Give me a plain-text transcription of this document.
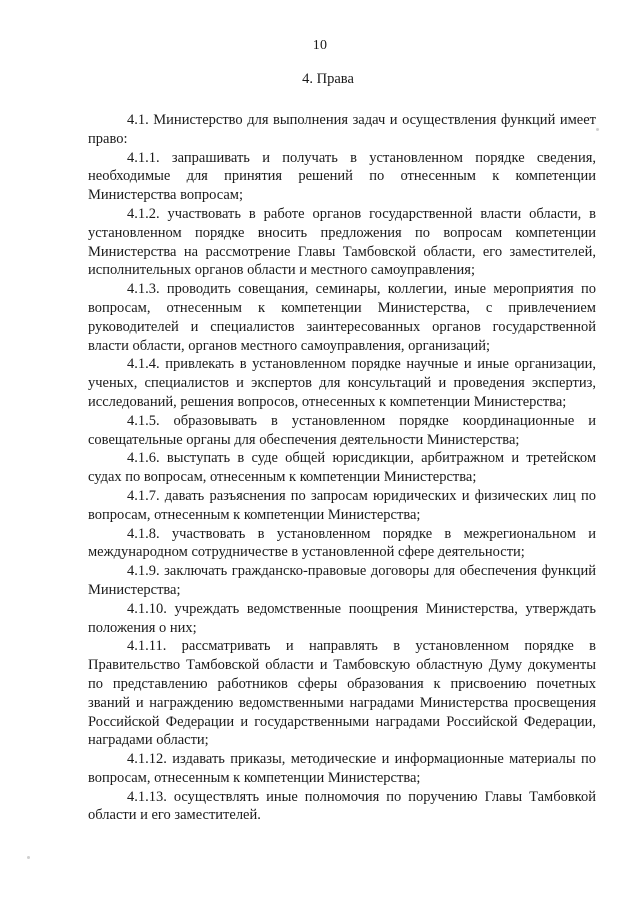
10
4. Права

4.1. Министерство для выполнения задач и осуществления функций имеет право:

4.1.1. запрашивать и получать в установленном порядке сведения, необходимые для принятия решений по отнесенным к компетенции Министерства вопросам;

4.1.2. участвовать в работе органов государственной власти области, в установленном порядке вносить предложения по вопросам компетенции Министерства на рассмотрение Главы Тамбовской области, его заместителей, исполнительных органов области и местного самоуправления;

4.1.3. проводить совещания, семинары, коллегии, иные мероприятия по вопросам, отнесенным к компетенции Министерства, с привлечением руководителей и специалистов заинтересованных органов государственной власти области, органов местного самоуправления, организаций;

4.1.4. привлекать в установленном порядке научные и иные организации, ученых, специалистов и экспертов для консультаций и проведения экспертиз, исследований, решения вопросов, отнесенных к компетенции Министерства;

4.1.5. образовывать в установленном порядке координационные и совещательные органы для обеспечения деятельности Министерства;

4.1.6. выступать в суде общей юрисдикции, арбитражном и третейском судах по вопросам, отнесенным к компетенции Министерства;

4.1.7. давать разъяснения по запросам юридических и физических лиц по вопросам, отнесенным к компетенции Министерства;

4.1.8. участвовать в установленном порядке в межрегиональном и международном сотрудничестве в установленной сфере деятельности;

4.1.9. заключать гражданско-правовые договоры для обеспечения функций Министерства;

4.1.10. учреждать ведомственные поощрения Министерства, утверждать положения о них;

4.1.11. рассматривать и направлять в установленном порядке в Правительство Тамбовской области и Тамбовскую областную Думу документы по представлению работников сферы образования к присвоению почетных званий и награждению ведомственными наградами Министерства просвещения Российской Федерации и государственными наградами Российской Федерации, наградами области;

4.1.12. издавать приказы, методические и информационные материалы по вопросам, отнесенным к компетенции Министерства;

4.1.13. осуществлять иные полномочия по поручению Главы Тамбовкой области и его заместителей.
